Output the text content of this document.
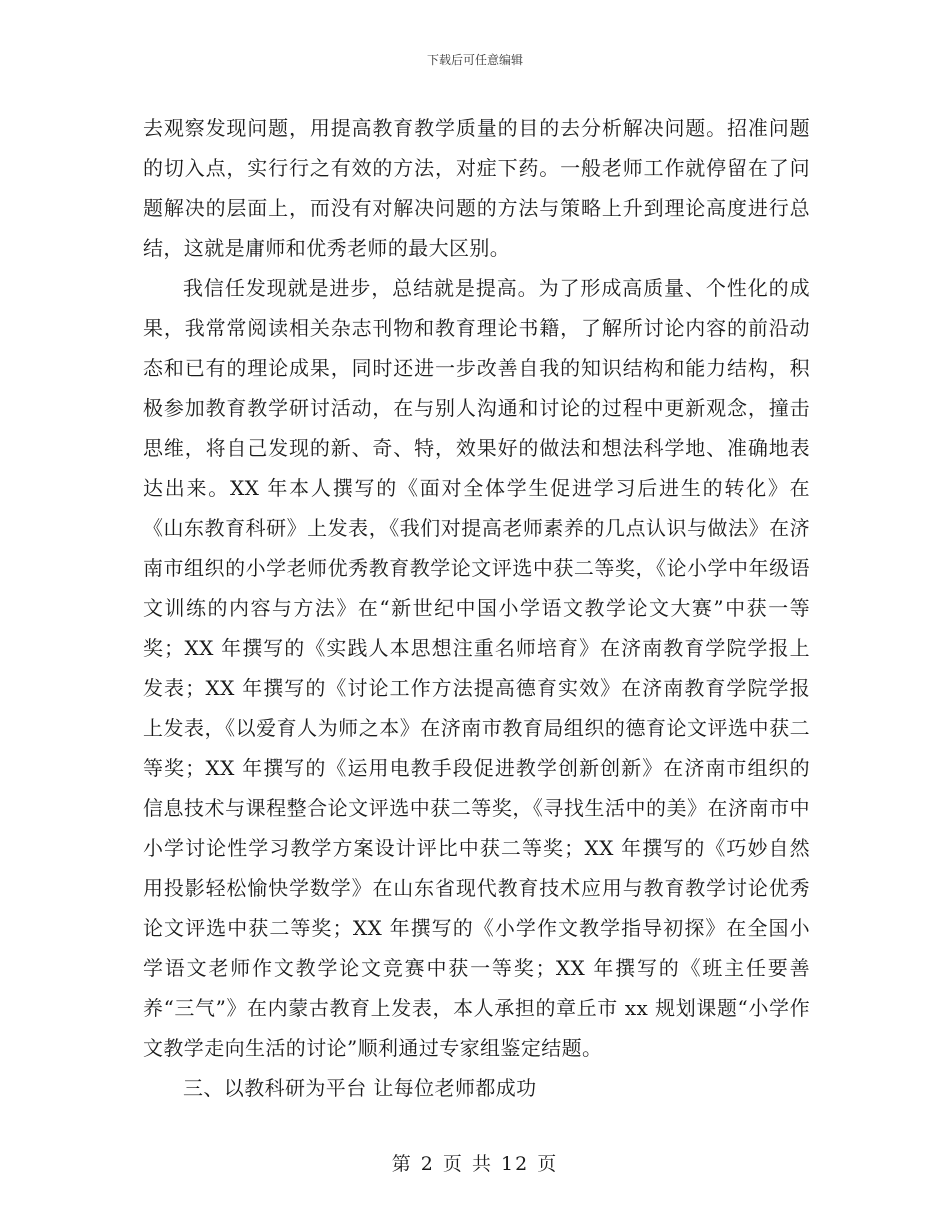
下载后可任意编辑

去观察发现问题，用提高教育教学质量的目的去分析解决问题。招准问题的切入点，实行行之有效的方法，对症下药。一般老师工作就停留在了问题解决的层面上，而没有对解决问题的方法与策略上升到理论高度进行总结，这就是庸师和优秀老师的最大区别。

我信任发现就是进步，总结就是提高。为了形成高质量、个性化的成果，我常常阅读相关杂志刊物和教育理论书籍，了解所讨论内容的前沿动态和已有的理论成果，同时还进一步改善自我的知识结构和能力结构，积极参加教育教学研讨活动，在与别人沟通和讨论的过程中更新观念，撞击思维，将自己发现的新、奇、特，效果好的做法和想法科学地、准确地表达出来。XX 年本人撰写的《面对全体学生促进学习后进生的转化》在《山东教育科研》上发表，《我们对提高老师素养的几点认识与做法》在济南市组织的小学老师优秀教育教学论文评选中获二等奖，《论小学中年级语文训练的内容与方法》在“新世纪中国小学语文教学论文大赛”中获一等奖；XX 年撰写的《实践人本思想注重名师培育》在济南教育学院学报上发表；XX 年撰写的《讨论工作方法提高德育实效》在济南教育学院学报上发表，《以爱育人为师之本》在济南市教育局组织的德育论文评选中获二等奖；XX 年撰写的《运用电教手段促进教学创新创新》在济南市组织的信息技术与课程整合论文评选中获二等奖，《寻找生活中的美》在济南市中小学讨论性学习教学方案设计评比中获二等奖；XX 年撰写的《巧妙自然用投影轻松愉快学数学》在山东省现代教育技术应用与教育教学讨论优秀论文评选中获二等奖；XX 年撰写的《小学作文教学指导初探》在全国小学语文老师作文教学论文竞赛中获一等奖；XX 年撰写的《班主任要善养“三气”》在内蒙古教育上发表，本人承担的章丘市 xx 规划课题“小学作文教学走向生活的讨论”顺利通过专家组鉴定结题。

三、以教科研为平台 让每位老师都成功

第 2 页 共 12 页
